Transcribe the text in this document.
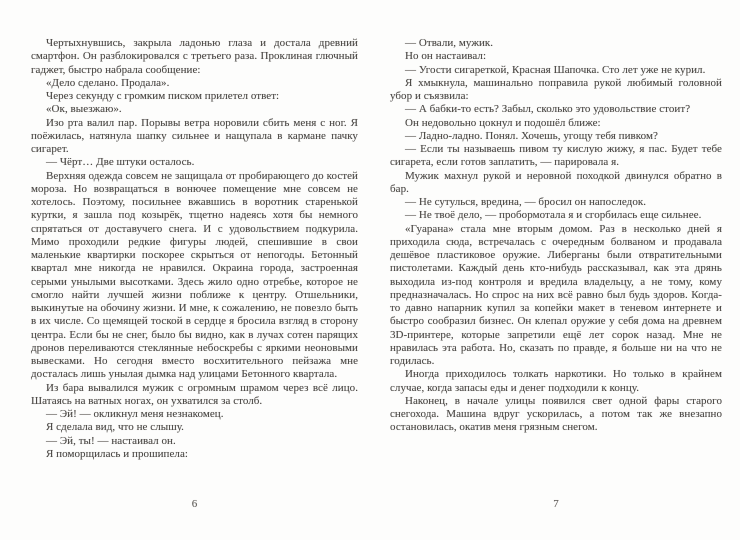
Чертыхнувшись, закрыла ладонью глаза и достала древний смартфон. Он разблокировался с третьего раза. Проклиная глючный гаджет, быстро набрала сообщение:

«Дело сделано. Продала».

Через секунду с громким писком прилетел ответ:

«Ок, выезжаю».

Изо рта валил пар. Порывы ветра норовили сбить меня с ног. Я поёжилась, натянула шапку сильнее и нащупала в кармане пачку сигарет.

— Чёрт… Две штуки осталось.

Верхняя одежда совсем не защищала от пробирающего до костей мороза. Но возвращаться в вонючее помещение мне совсем не хотелось. Поэтому, посильнее вжавшись в воротник старенькой куртки, я зашла под козырёк, тщетно надеясь хотя бы немного спрятаться от доставучего снега. И с удовольствием подкурила. Мимо проходили редкие фигуры людей, спешившие в свои маленькие квартирки поскорее скрыться от непогоды. Бетонный квартал мне никогда не нравился. Окраина города, застроенная серыми унылыми высотками. Здесь жило одно отребье, которое не смогло найти лучшей жизни поближе к центру. Отшельники, выкинутые на обочину жизни. И мне, к сожалению, не повезло быть в их числе. Со щемящей тоской в сердце я бросила взгляд в сторону центра. Если бы не снег, было бы видно, как в лучах сотен парящих дронов переливаются стеклянные небоскребы с яркими неоновыми вывесками. Но сегодня вместо восхитительного пейзажа мне досталась лишь унылая дымка над улицами Бетонного квартала.

Из бара вывалился мужик с огромным шрамом через всё лицо. Шатаясь на ватных ногах, он ухватился за столб.

— Эй! — окликнул меня незнакомец.

Я сделала вид, что не слышу.

— Эй, ты! — настаивал он.

Я поморщилась и прошипела:

— Отвали, мужик.

Но он настаивал:

— Угости сигареткой, Красная Шапочка. Сто лет уже не курил.

Я хмыкнула, машинально поправила рукой любимый головной убор и съязвила:

— А бабки-то есть? Забыл, сколько это удовольствие стоит?

Он недовольно цокнул и подошёл ближе:

— Ладно-ладно. Понял. Хочешь, угощу тебя пивком?

— Если ты называешь пивом ту кислую жижу, я пас. Будет тебе сигарета, если готов заплатить, — парировала я.

Мужик махнул рукой и неровной походкой двинулся обратно в бар.

— Не сутулься, вредина, — бросил он напоследок.

— Не твоё дело, — пробормотала я и сгорбилась еще сильнее.

«Гуарана» стала мне вторым домом. Раз в несколько дней я приходила сюда, встречалась с очередным болваном и продавала дешёвое пластиковое оружие. Либерганы были отвратительными пистолетами. Каждый день кто-нибудь рассказывал, как эта дрянь выходила из-под контроля и вредила владельцу, а не тому, кому предназначалась. Но спрос на них всё равно был будь здоров. Когда-то давно напарник купил за копейки макет в теневом интернете и быстро сообразил бизнес. Он клепал оружие у себя дома на древнем 3D-принтере, которые запретили ещё лет сорок назад. Мне не нравилась эта работа. Но, сказать по правде, я больше ни на что не годилась.

Иногда приходилось толкать наркотики. Но только в крайнем случае, когда запасы еды и денег подходили к концу.

Наконец, в начале улицы появился свет одной фары старого снегохода. Машина вдруг ускорилась, а потом так же внезапно остановилась, окатив меня грязным снегом.

6	7
